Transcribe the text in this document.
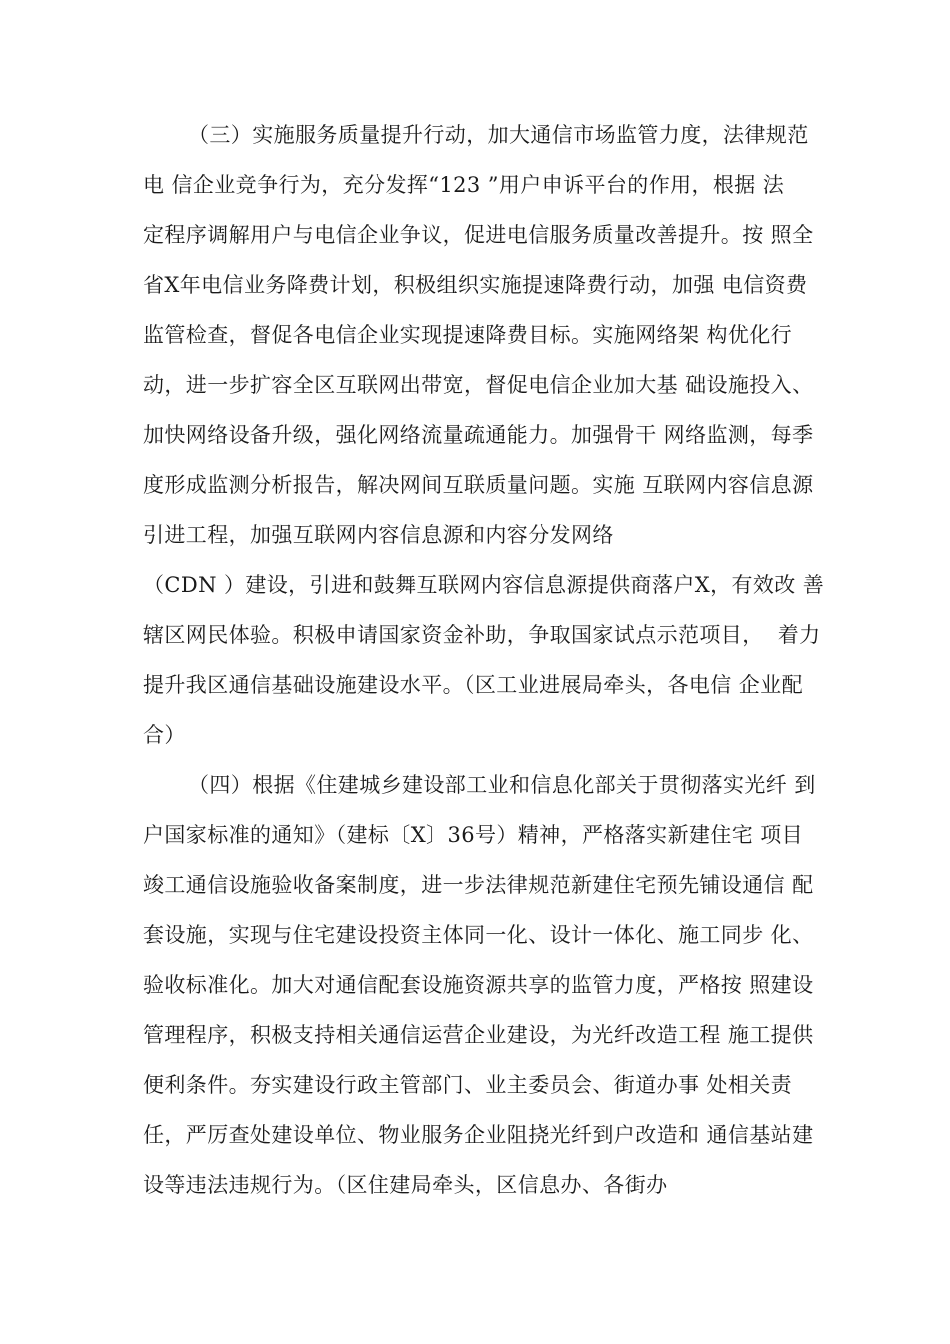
（三）实施服务质量提升行动，加大通信市场监管力度，法律规范
电 信企业竞争行为，充分发挥“123 ”用户申诉平台的作用，根据 法
定程序调解用户与电信企业争议，促进电信服务质量改善提升。按 照全
省X年电信业务降费计划，积极组织实施提速降费行动，加强 电信资费
监管检查，督促各电信企业实现提速降费目标。实施网络架 构优化行
动，进一步扩容全区互联网出带宽，督促电信企业加大基 础设施投入、
加快网络设备升级，强化网络流量疏通能力。加强骨干 网络监测，每季
度形成监测分析报告，解决网间互联质量问题。实施 互联网内容信息源
引进工程，加强互联网内容信息源和内容分发网络
（CDN ）建设，引进和鼓舞互联网内容信息源提供商落户X，有效改 善
辖区网民体验。积极申请国家资金补助，争取国家试点示范项目，  着力
提升我区通信基础设施建设水平。（区工业进展局牵头，各电信 企业配
合）
（四）根据《住建城乡建设部工业和信息化部关于贯彻落实光纤 到
户国家标准的通知》（建标〔X〕36号）精神，严格落实新建住宅 项目
竣工通信设施验收备案制度，进一步法律规范新建住宅预先铺设通信 配
套设施，实现与住宅建设投资主体同一化、设计一体化、施工同步 化、
验收标准化。加大对通信配套设施资源共享的监管力度，严格按 照建设
管理程序，积极支持相关通信运营企业建设，为光纤改造工程 施工提供
便利条件。夯实建设行政主管部门、业主委员会、街道办事 处相关责
任，严厉查处建设单位、物业服务企业阻挠光纤到户改造和 通信基站建
设等违法违规行为。（区住建局牵头，区信息办、各街办
